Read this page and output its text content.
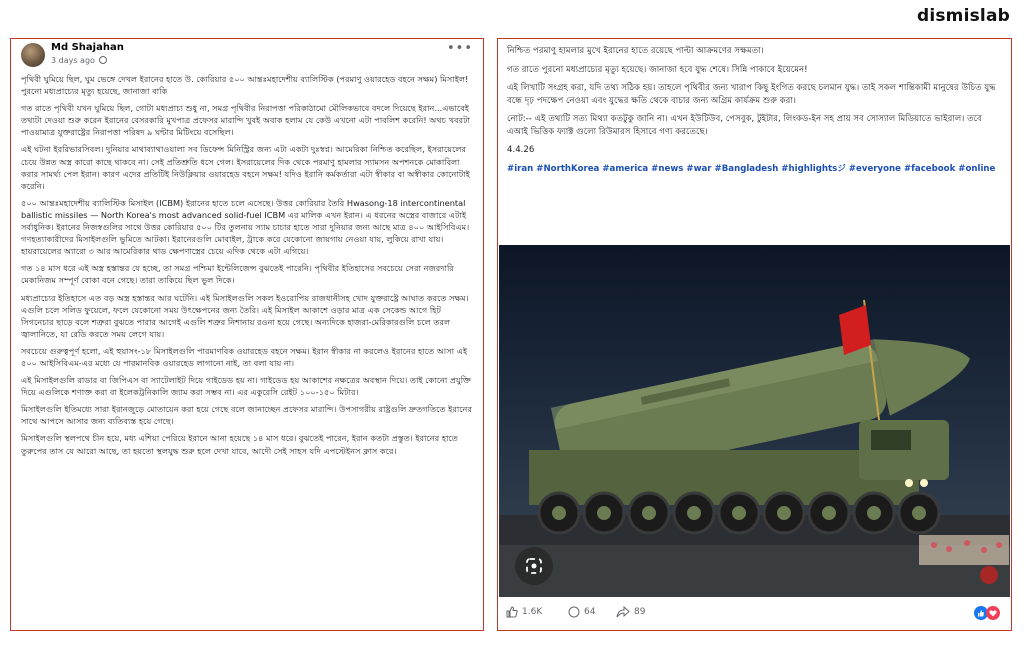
dismislab
Md Shajahan
3 days ago
•••

পৃথিবী ঘুমিয়ে ছিল, ঘুম ভেঙ্গে দেখল ইরানের হাতে উ. কোরিয়ার ৫০০ আন্তঃমহাদেশীয় ব্যালিস্টিক (পরমাণু ওয়ারহেড বহনে সক্ষম) মিসাইল! পুরনো মধ্যপ্রাচ্যের মৃত্যু হয়েছে, জানাজা বাকি

গত রাতে পৃথিবী যখন ঘুমিয়ে ছিল, গোটা মধ্যপ্রাচ্য শুধু না, সমগ্র পৃথিবীর নিরাপত্তা পরিকাঠামো মৌলিকভাবে বদলে দিয়েছে ইরান...এভাবেই তথ্যটা দেওয়া শুরু করেন ইরানের বেসরকারি মুখপাত্র প্রফেসর মারান্দি খুবই অবাক হলাম যে কেউ এখনো এটা পাবলিশ করেনি! অথচ খবরটা পাওয়ামাত্র যুক্তরাষ্ট্রের নিরাপত্তা পরিষদ ৯ ঘন্টার মিটিংয়ে বসেছিল।

এই ঘটনা ইররিভারসিবল। দুনিয়ার মাথাব্যাথাওয়ালা সব ডিফেন্স মিনিস্ট্রির জন্য এটা একটা দুঃস্বপ্ন। আমেরিকা নিশ্চিত করেছিল, ইসরায়েলের চেয়ে উন্নত অস্ত্র কারো কাছে থাকবে না। সেই প্রতিশ্রুতি ধসে গেল। ইসরায়েলের দিক থেকে পরমাণু হামলার স্যামসন অপশনকে মোকাবিলা করার সামর্থ্য পেল ইরান। কারণ এদের প্রতিটিই নিউক্লিয়ার ওয়ারহেড বহনে সক্ষম! যদিও ইরানি কর্মকর্তারা এটা স্বীকার বা অস্বীকার কোনোটাই করেনি।

৫০০ আন্তঃমহাদেশীয় ব্যালিস্টিক মিসাইল (ICBM) ইরানের হাতে চলে এসেছে। উত্তর কোরিয়ার তৈরি Hwasong-18 intercontinental ballistic missiles — North Korea's most advanced solid-fuel ICBM এর মালিক এখন ইরান। এ ধরনের অস্ত্রের বাজারে এটাই সর্বাধুনিক। ইরানের নিজস্বগুলির সাথে উত্তর কোরিয়ার ৫০০ টির তুলনায় স্যাম চাচার হাতে সারা দুনিয়ার জন্য আছে মাত্র ৪০০ আইসিবিএম। গণহত্যাকারীদের মিসাইলগুলি ভুমিতে আটকা। ইরানেরগুলি মোবাইল, ট্রাকে করে যেকোনো জায়গায় নেওয়া যায়, লুকিয়ে রাখা যায়। হায়রায়েলের অ্যারো ৩ আর আমেরিকার থাড ক্ষেপণাস্ত্রের চেয়ে এদিক থেকে এটা এগিয়ে।

গত ১৪ মাস ধরে এই অস্ত্র হস্তান্তর যে হচ্ছে, তা সমগ্র পশ্চিমা ইন্টেলিজেন্স বুঝতেই পারেনি। পৃথিবীর ইতিহাসের সবচেয়ে সেরা নজরদারি মেকানিজম সম্পূর্ণ বোকা বনে গেছে। তারা তাকিয়ে ছিল ভুল দিকে।

মধ্যপ্রাচ্যের ইতিহাসে এত বড় অস্ত্র হস্তান্তর আর ঘটেনি। এই মিসাইলগুলি সকল ইওরোপিয় রাজধানীসহ খোদ যুক্তরাষ্ট্রে আঘাত করতে সক্ষম। এগুলি চলে সলিড ফুয়েলে, ফলে যেকোনো সময় উৎক্ষেপনের জন্য তৈরি। এই মিসাইল আকাশে ওড়ার মাত্র এক সেকেন্ড আগে হিট সিগনেচার ছাড়ে বলে শত্রুরা বুঝতে পারার আগেই এগুলি শত্রুর নিশানায় রওনা হয়ে গেছে। অন্যদিকে হাজরা-মেরিকারগুলি চলে তরল জ্বালানিতে, যা রেডি করতে সময় লেগে যায়।

সবচেয়ে গুরুত্বপূর্ণ হলো, এই হুয়াসং-১৮ মিসাইলগুলি পারমাণবিক ওয়ারহেড বহনে সক্ষম। ইরান স্বীকার না করলেও ইরানের হাতে আসা এই ৫০০ আইসিবিএম-এর মধ্যে যে পারমানবিক ওয়ারহেড লাগানো নাই, তা বলা যায় না।

এই মিসাইলগুলি রাডার বা জিপিএস বা স্যাটেলাইট দিয়ে গাইডেড হয় না। গাইডেড হয় আকাশের নক্ষত্রের অবস্থান দিয়ে। তাই কোনো প্রযুক্তি দিয়ে এগুলিকে শণাক্ত করা বা ইলেকট্রনিকালি জ্যাম করা সম্ভব না। এর একুরেসি রেইট ১০০-১৫০ মিটার।

মিসাইলগুলি ইতিমধ্যে সারা ইরানজুড়ে মোতায়েন করা হয়ে গেছে বলে জানাচ্ছেন প্রফেসর মারান্দি। উপসাগরীয় রাষ্ট্রগুলি দ্রুতগতিতে ইরানের সাথে আপসে আসার জন্য ব্যতিব্যস্ত হয়ে গেছে।

মিসাইলগুলি স্থলপথে চীন হয়ে, মধ্য এশিয়া পেরিয়ে ইরানে আনা হয়েছে ১৪ মাস ধরে। বুঝতেই পারেন, ইরান কতটা প্রস্তুত। ইরানের হাতে তুরুপের তাস যে আরো আছে, তা হয়তো স্থলযুদ্ধ শুরু হলে দেখা যাবে, আদৌ সেই সাহস যদি এপস্টেইনস ক্লাস করে।

নিশ্চিত পরমাণু হামলার মুখে ইরানের হাতে রয়েছে পাল্টা আক্রমণের সক্ষমতা।

গত রাতে পুরনো মধ্যপ্রাচ্যের মৃত্যু হয়েছে। জানাজা হবে যুদ্ধ শেষে। সিন্নি পাকাবে ইয়েমেন!

এই লিখাটি সংগ্রহ করা, যদি তথ্য সঠিক হয়। তাহলে পৃথিবীর জন্য খারাপ কিছু ইংগিত করছে চলমান যুদ্ধ। তাই সকল শান্তিকামী মানুষের উচিত যুদ্ধ বন্ধে দৃঢ় পদক্ষেপ নেওয়া এবং যুদ্ধের ক্ষতি থেকে বাচার জন্য অগ্রিম কার্যক্রম শুরু করা।

নোট:-- এই তথ্যটি সত্য মিথ্যা কতটুকু জানি না। এখন ইউটিউব, পেসবুক, টুইটার, লিংকড-ইন সহ প্রায় সব সোস্যাল মিডিয়াতে ভাইরাল। তবে এআই ভিত্তিক ফ্যাক্ট গুলো রিউমারস হিসাবে গণ্য করতেছে।

4.4.26

#iran #NorthKorea #america #news #war #Bangladesh #highlightsジ #everyone #facebook #online

1.6K	64	89
